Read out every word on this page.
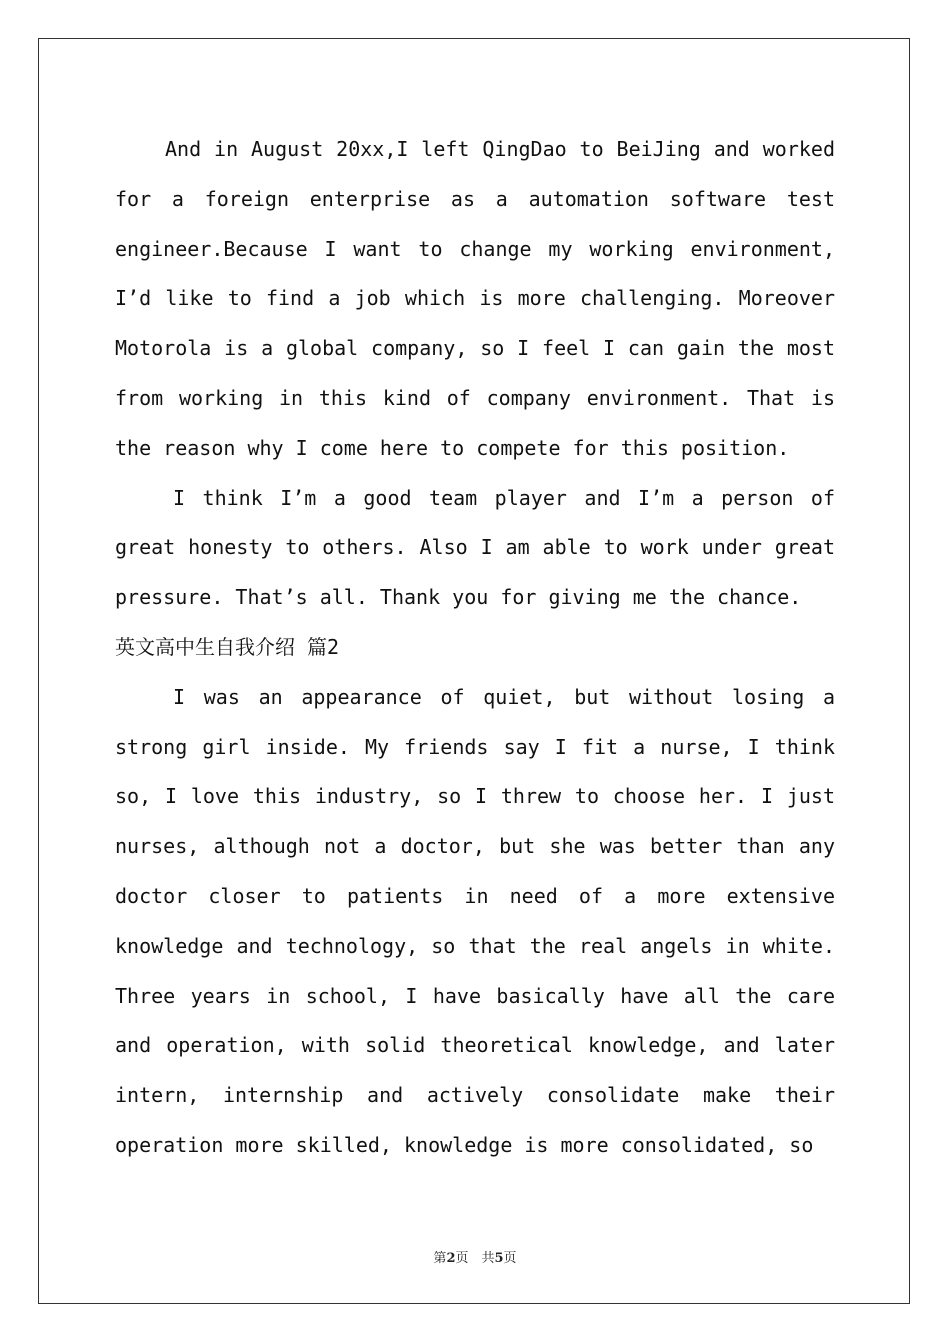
And in August 20xx,I left QingDao to BeiJing and worked for a foreign enterprise as a automation software test engineer.Because I want to change my working environment, I’d like to find a job which is more challenging. Moreover Motorola is a global company, so I feel I can gain the most from working in this kind of company environment. That is the reason why I come here to compete for this position.

I think I’m a good team player and I’m a person of great honesty to others. Also I am able to work under great pressure. That’s all. Thank you for giving me the chance.

英文高中生自我介绍 篇2

I was an appearance of quiet, but without losing a strong girl inside. My friends say I fit a nurse, I think so, I love this industry, so I threw to choose her. I just nurses, although not a doctor, but she was better than any doctor closer to patients in need of a more extensive knowledge and technology, so that the real angels in white. Three years in school, I have basically have all the care and operation, with solid theoretical knowledge, and later intern, internship and actively consolidate make their operation more skilled, knowledge is more consolidated, so

第2页　共5页
